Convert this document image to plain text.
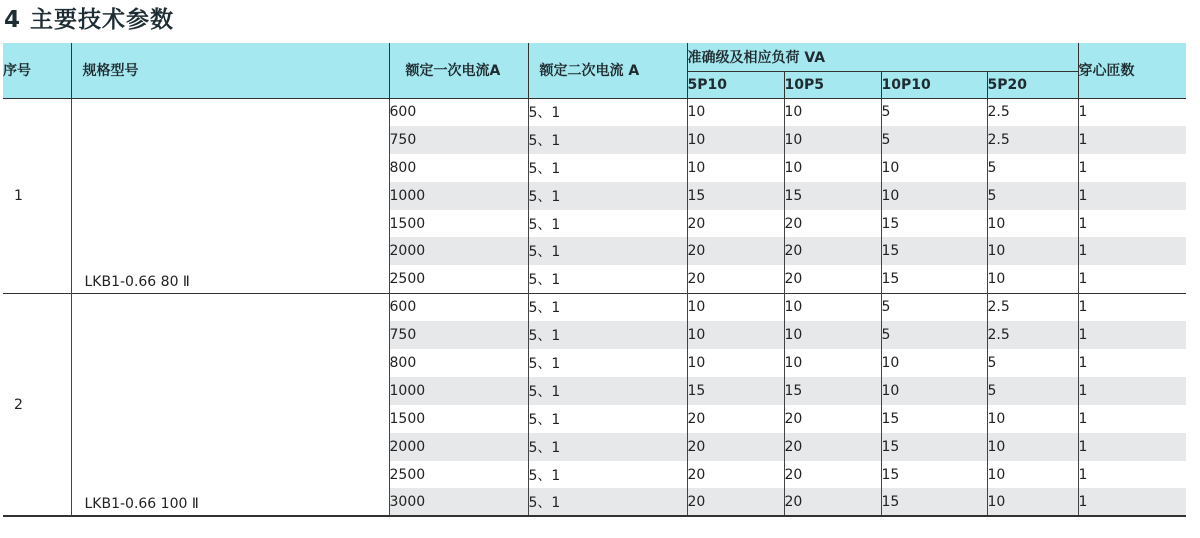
4 主要技术参数
序号	规格型号	额定一次电流A	额定二次电流 A	准确级及相应负荷 VA				穿心匝数
				5P10	10P5	10P10	5P20	
1	LKB1-0.66 80 Ⅱ	600	5、1	10	10	5	2.5	1
		750	5、1	10	10	5	2.5	1
		800	5、1	10	10	10	5	1
		1000	5、1	15	15	10	5	1
		1500	5、1	20	20	15	10	1
		2000	5、1	20	20	15	10	1
		2500	5、1	20	20	15	10	1
2	LKB1-0.66 100 Ⅱ	600	5、1	10	10	5	2.5	1
		750	5、1	10	10	5	2.5	1
		800	5、1	10	10	10	5	1
		1000	5、1	15	15	10	5	1
		1500	5、1	20	20	15	10	1
		2000	5、1	20	20	15	10	1
		2500	5、1	20	20	15	10	1
		3000	5、1	20	20	15	10	1
